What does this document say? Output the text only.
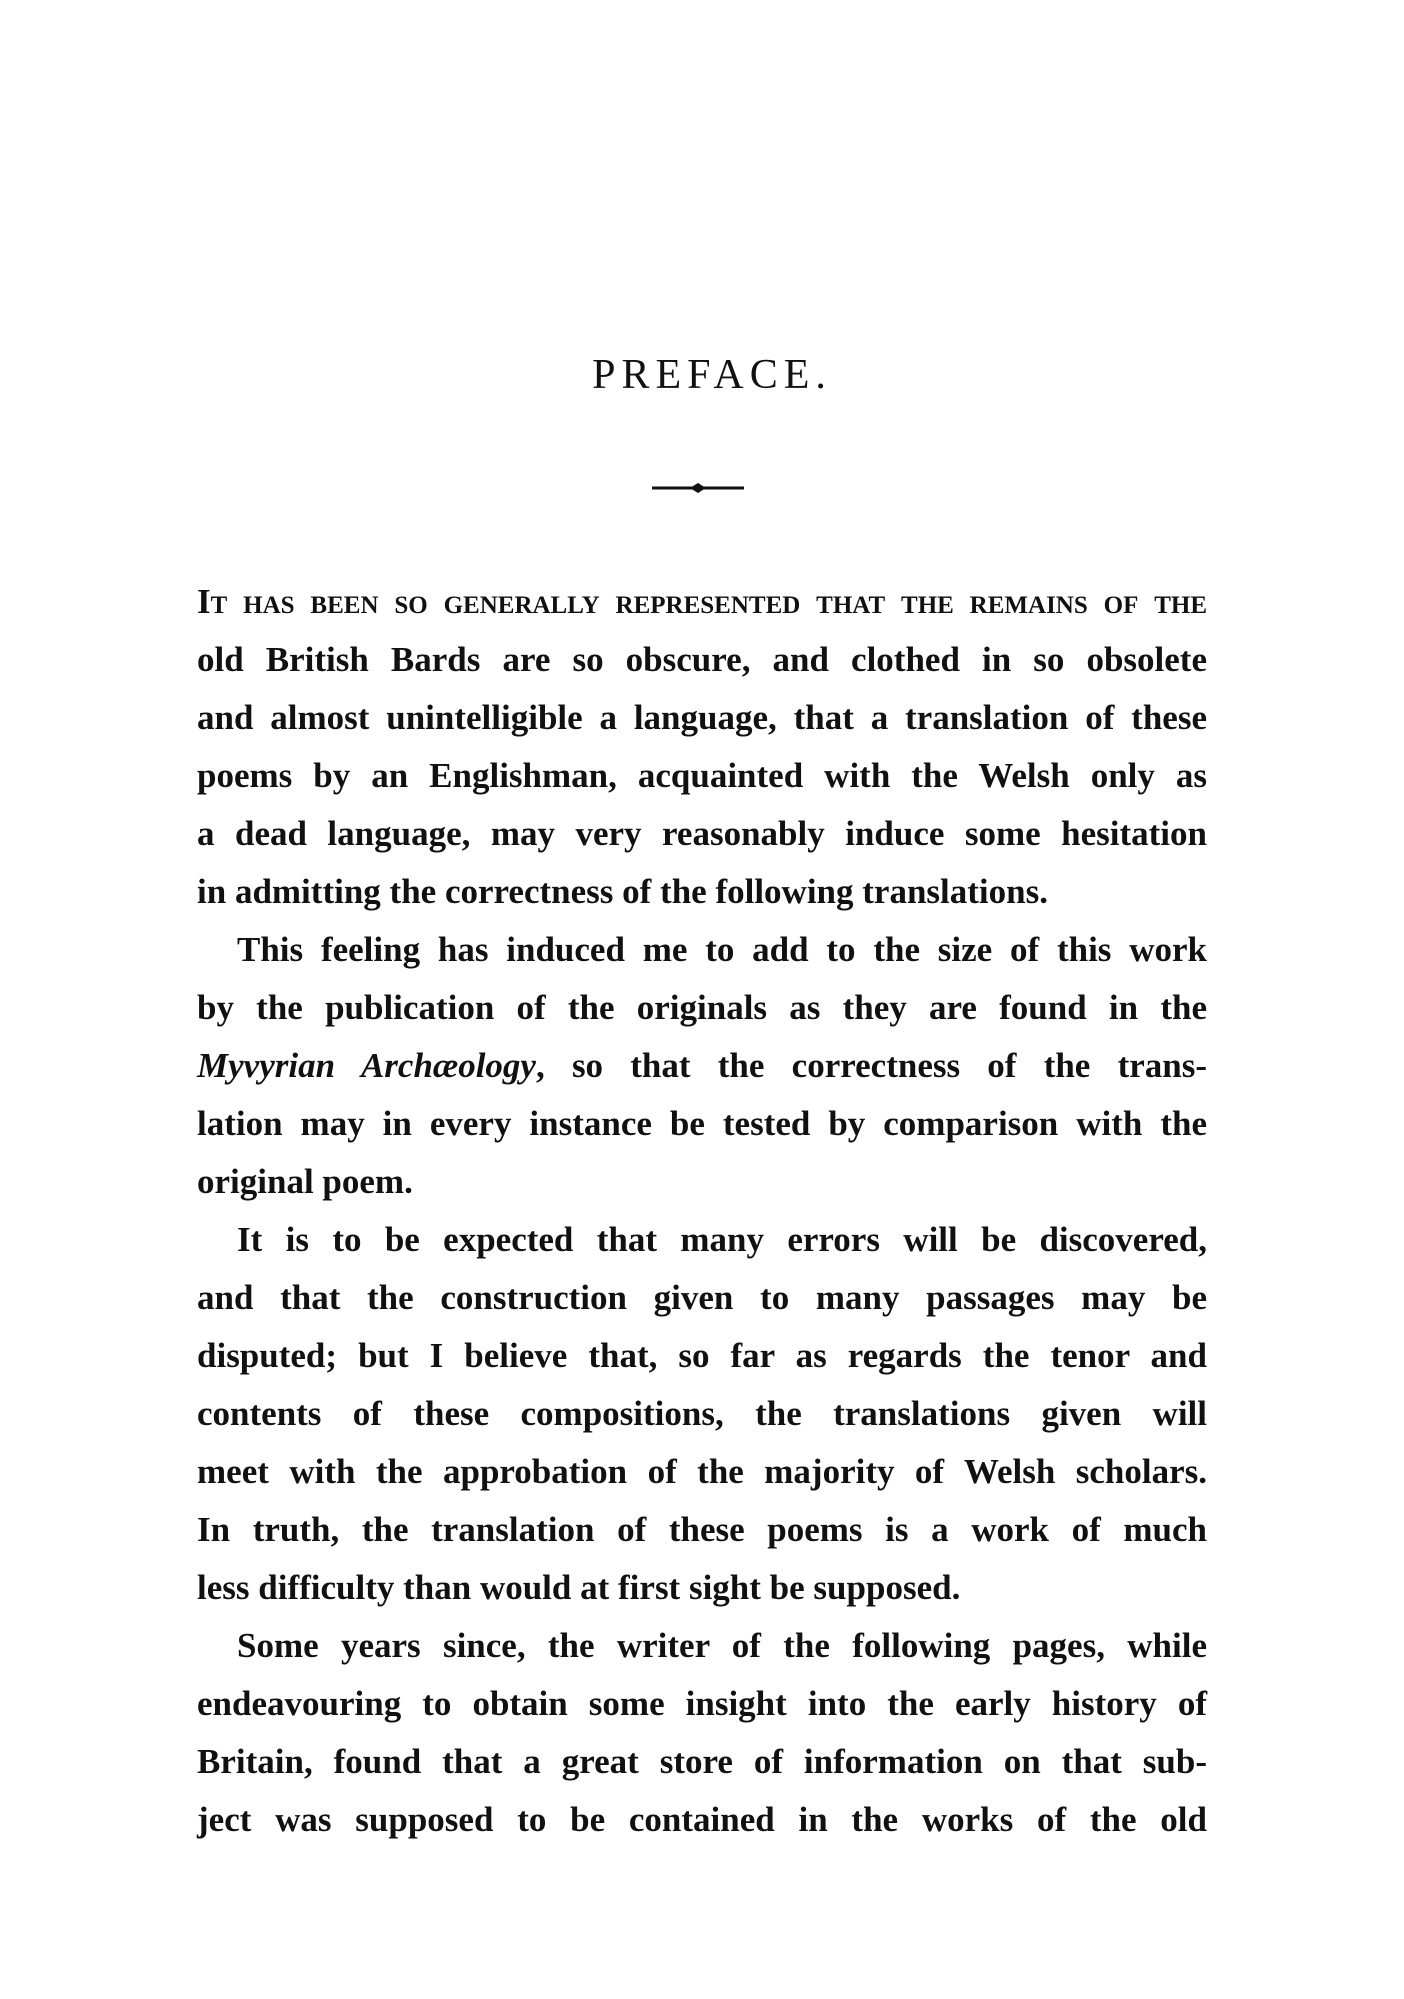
PREFACE.
It has been so generally represented that the remains of the
old British Bards are so obscure, and clothed in so obsolete
and almost unintelligible a language, that a translation of these
poems by an Englishman, acquainted with the Welsh only as
a dead language, may very reasonably induce some hesitation
in admitting the correctness of the following translations.
This feeling has induced me to add to the size of this work
by the publication of the originals as they are found in the
Myvyrian Archæology, so that the correctness of the trans-
lation may in every instance be tested by comparison with the
original poem.
It is to be expected that many errors will be discovered,
and that the construction given to many passages may be
disputed; but I believe that, so far as regards the tenor and
contents of these compositions, the translations given will
meet with the approbation of the majority of Welsh scholars.
In truth, the translation of these poems is a work of much
less difficulty than would at first sight be supposed.
Some years since, the writer of the following pages, while
endeavouring to obtain some insight into the early history of
Britain, found that a great store of information on that sub-
ject was supposed to be contained in the works of the old
